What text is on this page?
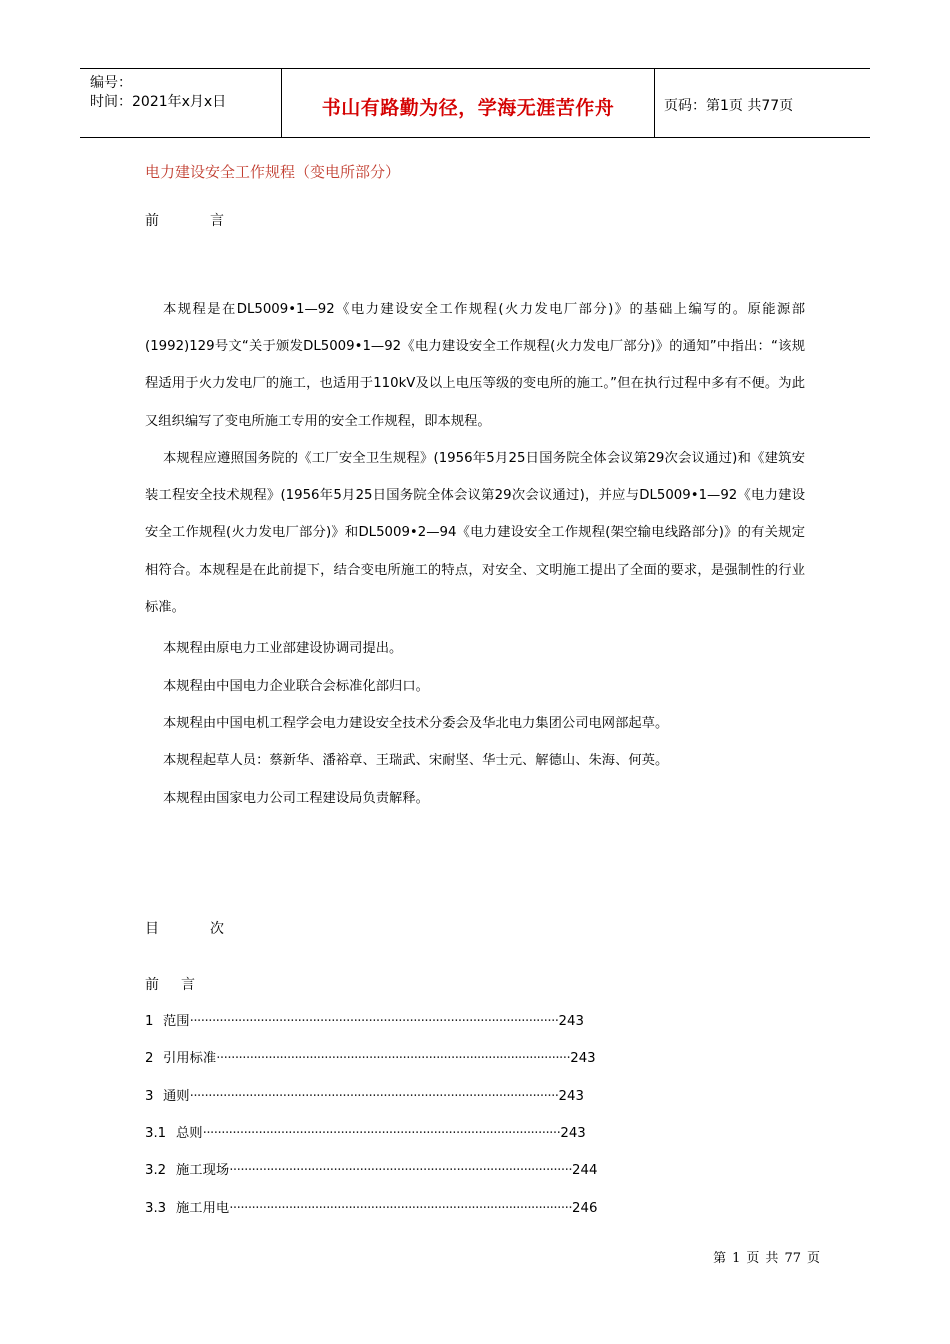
编号：
时间：2021年x月x日	书山有路勤为径，学海无涯苦作舟	页码：第1页 共77页
电力建设安全工作规程（变电所部分）
前	言
本规程是在DL5009•1—92《电力建设安全工作规程(火力发电厂部分)》的基础上编写的。原能源部(1992)129号文“关于颁发DL5009•1—92《电力建设安全工作规程(火力发电厂部分)》的通知”中指出：“该规程适用于火力发电厂的施工，也适用于110kV及以上电压等级的变电所的施工。”但在执行过程中多有不便。为此又组织编写了变电所施工专用的安全工作规程，即本规程。
本规程应遵照国务院的《工厂安全卫生规程》(1956年5月25日国务院全体会议第29次会议通过)和《建筑安装工程安全技术规程》(1956年5月25日国务院全体会议第29次会议通过)，并应与DL5009•1—92《电力建设安全工作规程(火力发电厂部分)》和DL5009•2—94《电力建设安全工作规程(架空输电线路部分)》的有关规定相符合。本规程是在此前提下，结合变电所施工的特点，对安全、文明施工提出了全面的要求，是强制性的行业标准。
本规程由原电力工业部建设协调司提出。
本规程由中国电力企业联合会标准化部归口。
本规程由中国电机工程学会电力建设安全技术分委会及华北电力集团公司电网部起草。
本规程起草人员：蔡新华、潘裕章、王瑞武、宋耐坚、华士元、解德山、朱海、何英。
本规程由国家电力公司工程建设局负责解释。
目	次
前 言
1 范围···································································································243
2 引用标准·······························································································243
3 通则···································································································243
3.1 总则································································································243
3.2 施工现场····························································································244
3.3 施工用电····························································································246
第 1 页 共 77 页
